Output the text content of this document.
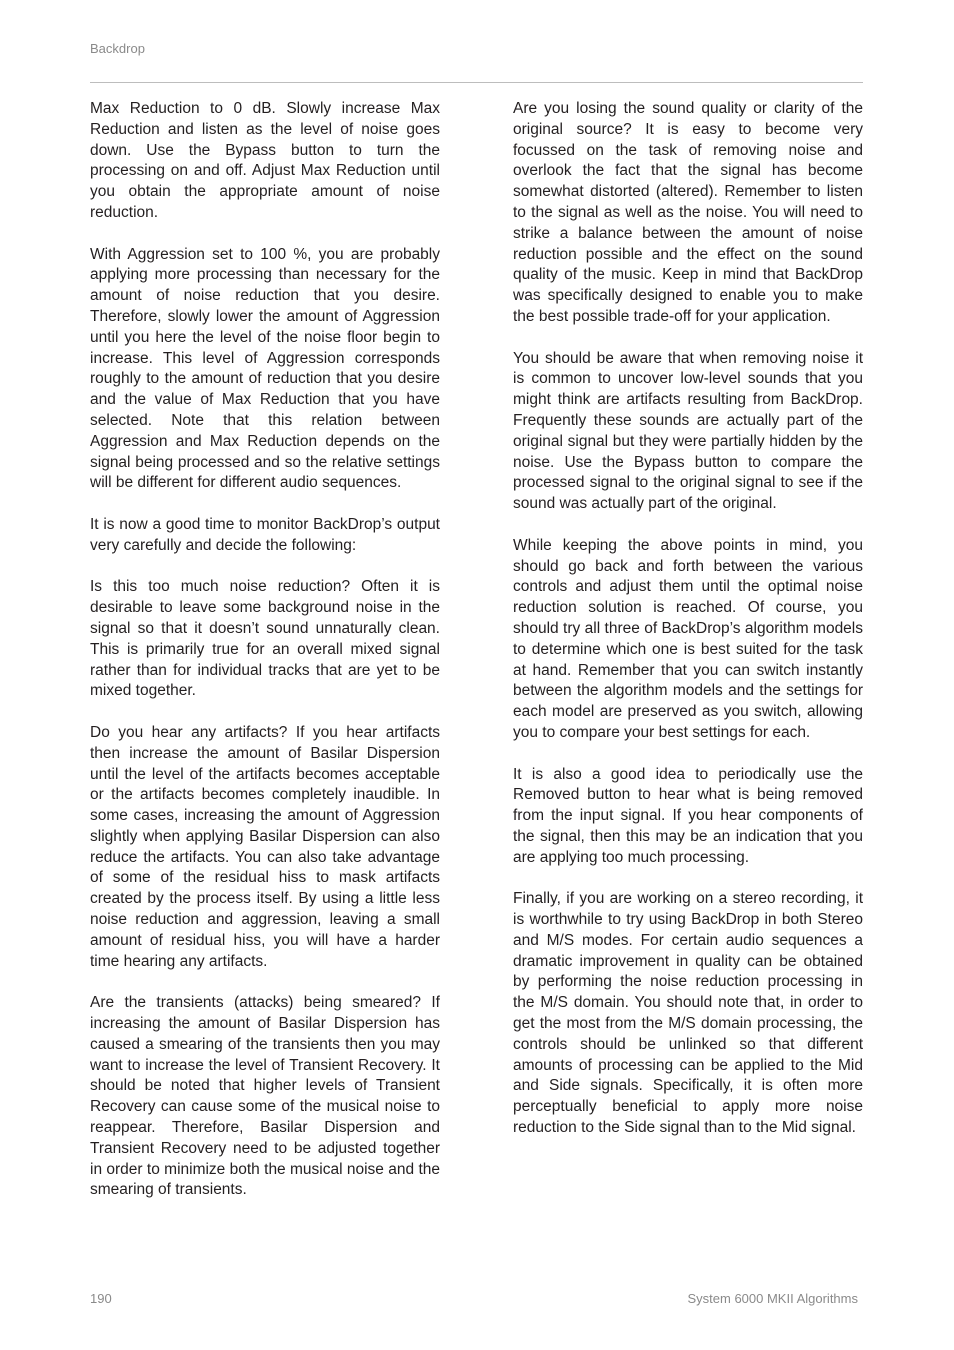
Backdrop

Max Reduction to 0 dB. Slowly increase Max Reduction and listen as the level of noise goes down. Use the Bypass button to turn the processing on and off. Adjust Max Reduction until you obtain the appropriate amount of noise reduction.

With Aggression set to 100 %, you are probably applying more processing than necessary for the amount of noise reduction that you desire. Therefore, slowly lower the amount of Aggression until you here the level of the noise floor begin to increase. This level of Aggression corresponds roughly to the amount of reduction that you desire and the value of Max Reduction that you have selected. Note that this relation between Aggression and Max Reduction depends on the signal being processed and so the relative settings will be different for different audio sequences.

It is now a good time to monitor BackDrop’s output very carefully and decide the following:

Is this too much noise reduction? Often it is desirable to leave some background noise in the signal so that it doesn’t sound unnaturally clean. This is primarily true for an overall mixed signal rather than for individual tracks that are yet to be mixed together.

Do you hear any artifacts? If you hear artifacts then increase the amount of Basilar Dispersion until the level of the artifacts becomes acceptable or the artifacts becomes completely inaudible. In some cases, increasing the amount of Aggression slightly when applying Basilar Dispersion can also reduce the artifacts. You can also take advantage of some of the residual hiss to mask artifacts created by the process itself. By using a little less noise reduction and aggression, leaving a small amount of residual hiss, you will have a harder time hearing any artifacts.

Are the transients (attacks) being smeared? If increasing the amount of Basilar Dispersion has caused a smearing of the transients then you may want to increase the level of Transient Recovery. It should be noted that higher levels of Transient Recovery can cause some of the musical noise to reappear. Therefore, Basilar Dispersion and Transient Recovery need to be adjusted together in order to minimize both the musical noise and the smearing of transients.

Are you losing the sound quality or clarity of the original source? It is easy to become very focussed on the task of removing noise and overlook the fact that the signal has become somewhat distorted (altered). Remember to listen to the signal as well as the noise. You will need to strike a balance between the amount of noise reduction possible and the effect on the sound quality of the music. Keep in mind that BackDrop was specifically designed to enable you to make the best possible trade-off for your application.

You should be aware that when removing noise it is common to uncover low-level sounds that you might think are artifacts resulting from BackDrop. Frequently these sounds are actually part of the original signal but they were partially hidden by the noise. Use the Bypass button to compare the processed signal to the original signal to see if the sound was actually part of the original.

While keeping the above points in mind, you should go back and forth between the various controls and adjust them until the optimal noise reduction solution is reached. Of course, you should try all three of BackDrop’s algorithm models to determine which one is best suited for the task at hand. Remember that you can switch instantly between the algorithm models and the settings for each model are preserved as you switch, allowing you to compare your best settings for each.

It is also a good idea to periodically use the Removed button to hear what is being removed from the input signal. If you hear components of the signal, then this may be an indication that you are applying too much processing.

Finally, if you are working on a stereo recording, it is worthwhile to try using BackDrop in both Stereo and M/S modes. For certain audio sequences a dramatic improvement in quality can be obtained by performing the noise reduction processing in the M/S domain. You should note that, in order to get the most from the M/S domain processing, the controls should be unlinked so that different amounts of processing can be applied to the Mid and Side signals. Specifically, it is often more perceptually beneficial to apply more noise reduction to the Side signal than to the Mid signal.

190	System 6000 MKII Algorithms
